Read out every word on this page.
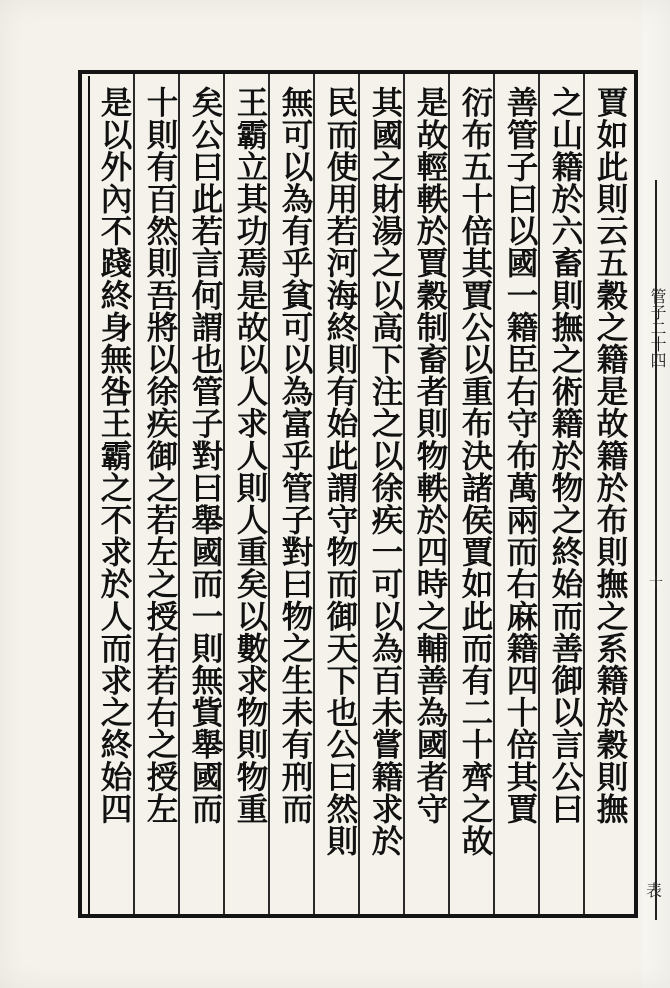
賈如此則云五穀之籍是故籍於布則撫之系籍於穀則撫
之山籍於六畜則撫之術籍於物之終始而善御以言公曰
善管子曰以國一籍臣右守布萬兩而右麻籍四十倍其賈
衍布五十倍其賈公以重布決諸侯賈如此而有二十齊之故
是故輕軼於賈穀制畜者則物軼於四時之輔善為國者守
其國之財湯之以高下注之以徐疾一可以為百未嘗籍求於
民而使用若河海終則有始此謂守物而御天下也公曰然則
無可以為有乎貧可以為富乎管子對曰物之生未有刑而
王霸立其功焉是故以人求人則人重矣以數求物則物重
矣公曰此若言何謂也管子對曰舉國而一則無貲舉國而
十則有百然則吾將以徐疾御之若左之授右若右之授左
是以外內不踐終身無咎王霸之不求於人而求之終始四	管子二十四
十
表
